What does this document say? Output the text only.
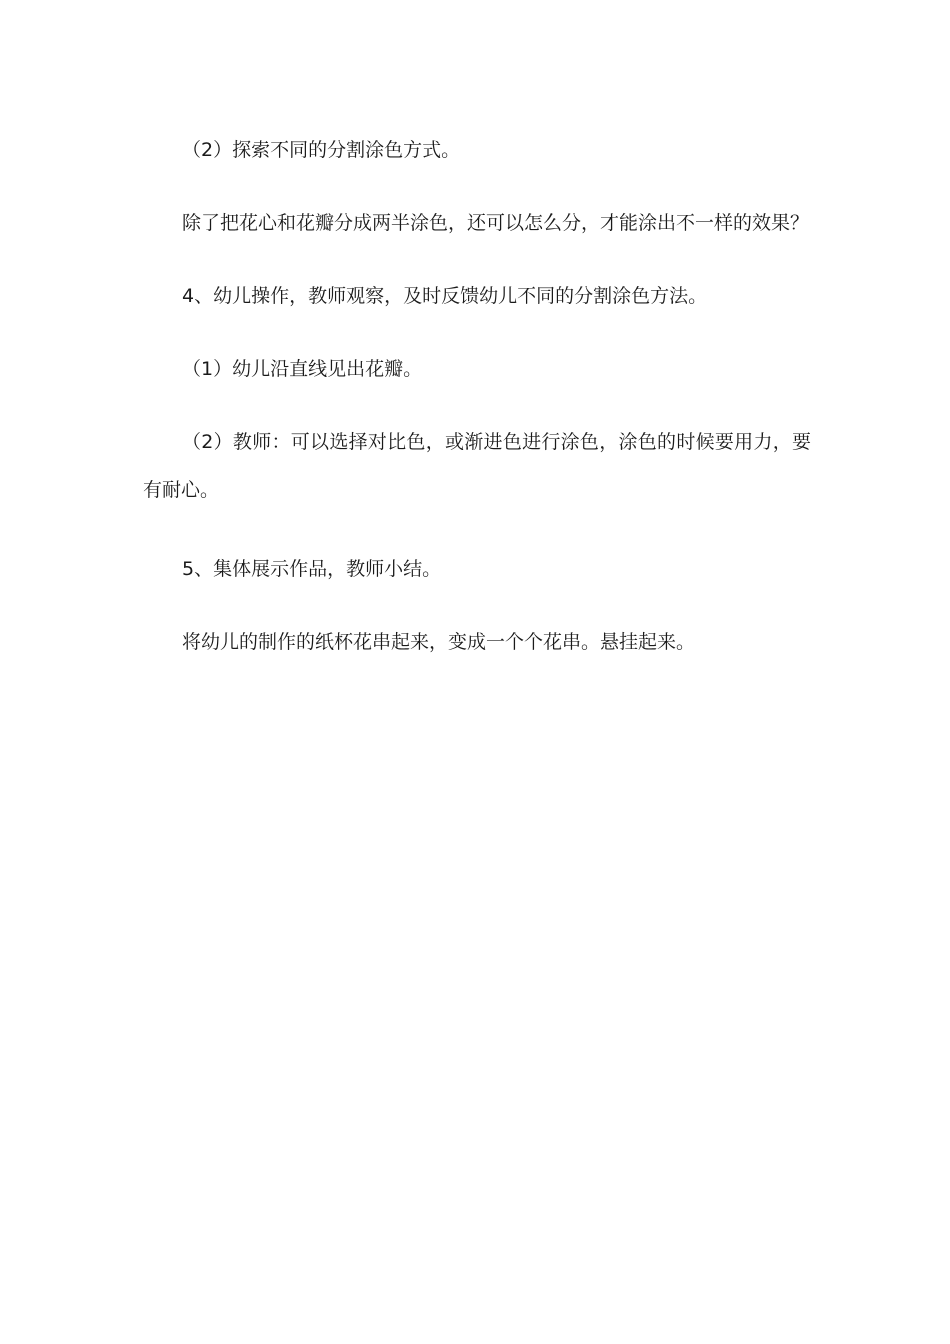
（2）探索不同的分割涂色方式。

除了把花心和花瓣分成两半涂色，还可以怎么分，才能涂出不一样的效果？

4、幼儿操作，教师观察，及时反馈幼儿不同的分割涂色方法。

（1）幼儿沿直线见出花瓣。

（2）教师：可以选择对比色，或渐进色进行涂色，涂色的时候要用力，要有耐心。

5、集体展示作品，教师小结。

将幼儿的制作的纸杯花串起来，变成一个个花串。悬挂起来。
